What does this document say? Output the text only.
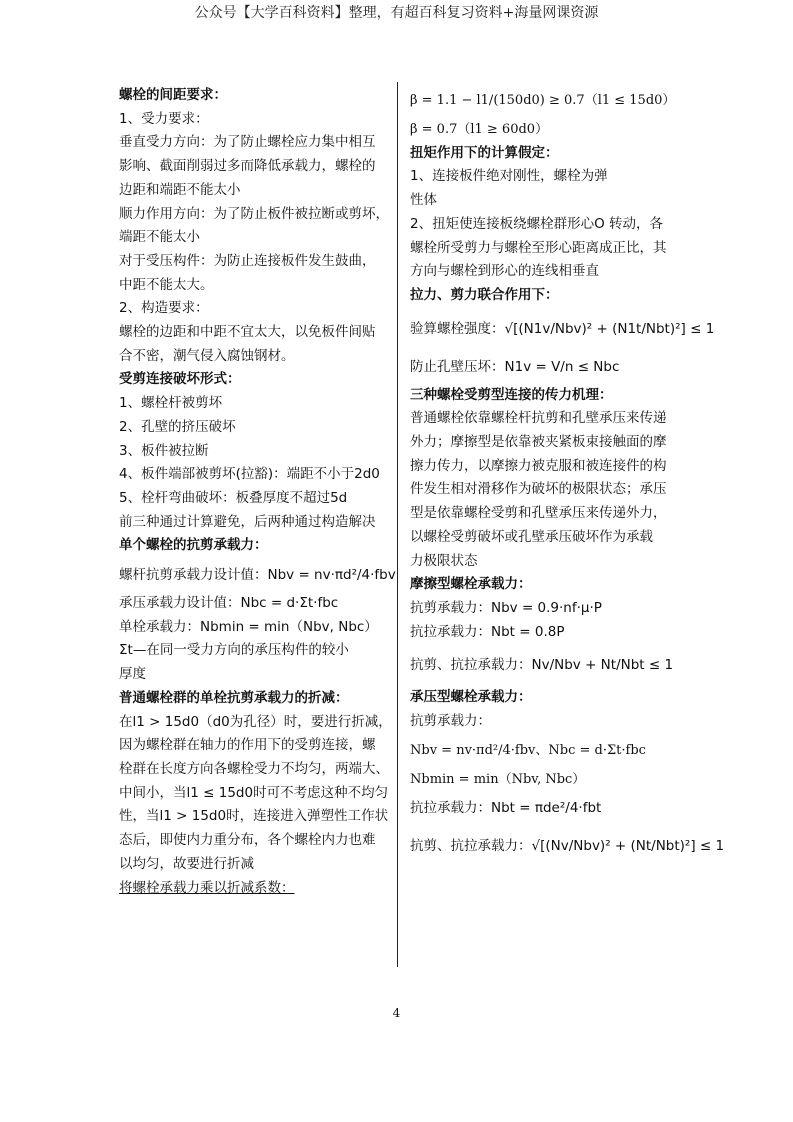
公众号【大学百科资料】整理，有超百科复习资料+海量网课资源
螺栓的间距要求：
1、受力要求：
垂直受力方向：为了防止螺栓应力集中相互
影响、截面削弱过多而降低承载力，螺栓的
边距和端距不能太小
顺力作用方向：为了防止板件被拉断或剪坏，
端距不能太小
对于受压构件：为防止连接板件发生鼓曲，
中距不能太大。
2、构造要求：
螺栓的边距和中距不宜太大，以免板件间贴
合不密，潮气侵入腐蚀钢材。
受剪连接破坏形式：
1、螺栓杆被剪坏
2、孔壁的挤压破坏
3、板件被拉断
4、板件端部被剪坏(拉豁)：端距不小于2d0
5、栓杆弯曲破坏：板叠厚度不超过5d
前三种通过计算避免，后两种通过构造解决
单个螺栓的抗剪承载力：
螺杆抗剪承载力设计值：Nbv = nv·πd²/4·fbv
承压承载力设计值：Nbc = d·Σt·fbc
单栓承载力：Nbmin = min（Nbv, Nbc）
Σt—在同一受力方向的承压构件的较小
厚度
普通螺栓群的单栓抗剪承载力的折减：
在l1 > 15d0（d0为孔径）时，要进行折减，
因为螺栓群在轴力的作用下的受剪连接，螺
栓群在长度方向各螺栓受力不均匀，两端大、
中间小，当l1 ≤ 15d0时可不考虑这种不均匀
性，当l1 > 15d0时，连接进入弹塑性工作状
态后，即使内力重分布，各个螺栓内力也难
以均匀，故要进行折减
将螺栓承载力乘以折减系数：
β = 1.1 − l1/(150d0) ≥ 0.7（l1 ≤ 15d0）
β = 0.7（l1 ≥ 60d0）
扭矩作用下的计算假定：
1、连接板件绝对刚性，螺栓为弹
性体
2、扭矩使连接板绕螺栓群形心O 转动，各
螺栓所受剪力与螺栓至形心距离成正比，其
方向与螺栓到形心的连线相垂直
拉力、剪力联合作用下：
验算螺栓强度：√[(N1v/Nbv)² + (N1t/Nbt)²] ≤ 1
防止孔壁压坏：N1v = V/n ≤ Nbc
三种螺栓受剪型连接的传力机理：
普通螺栓依靠螺栓杆抗剪和孔壁承压来传递
外力；摩擦型是依靠被夹紧板束接触面的摩
擦力传力，以摩擦力被克服和被连接件的构
件发生相对滑移作为破坏的极限状态；承压
型是依靠螺栓受剪和孔壁承压来传递外力，
以螺栓受剪破坏或孔壁承压破坏作为承载
力极限状态
摩擦型螺栓承载力：
抗剪承载力：Nbv = 0.9·nf·μ·P
抗拉承载力：Nbt = 0.8P
抗剪、抗拉承载力：Nv/Nbv + Nt/Nbt ≤ 1
承压型螺栓承载力：
抗剪承载力：
Nbv = nv·πd²/4·fbv、Nbc = d·Σt·fbc
Nbmin = min（Nbv, Nbc）
抗拉承载力：Nbt = πde²/4·fbt
抗剪、抗拉承载力：√[(Nv/Nbv)² + (Nt/Nbt)²] ≤ 1
4
